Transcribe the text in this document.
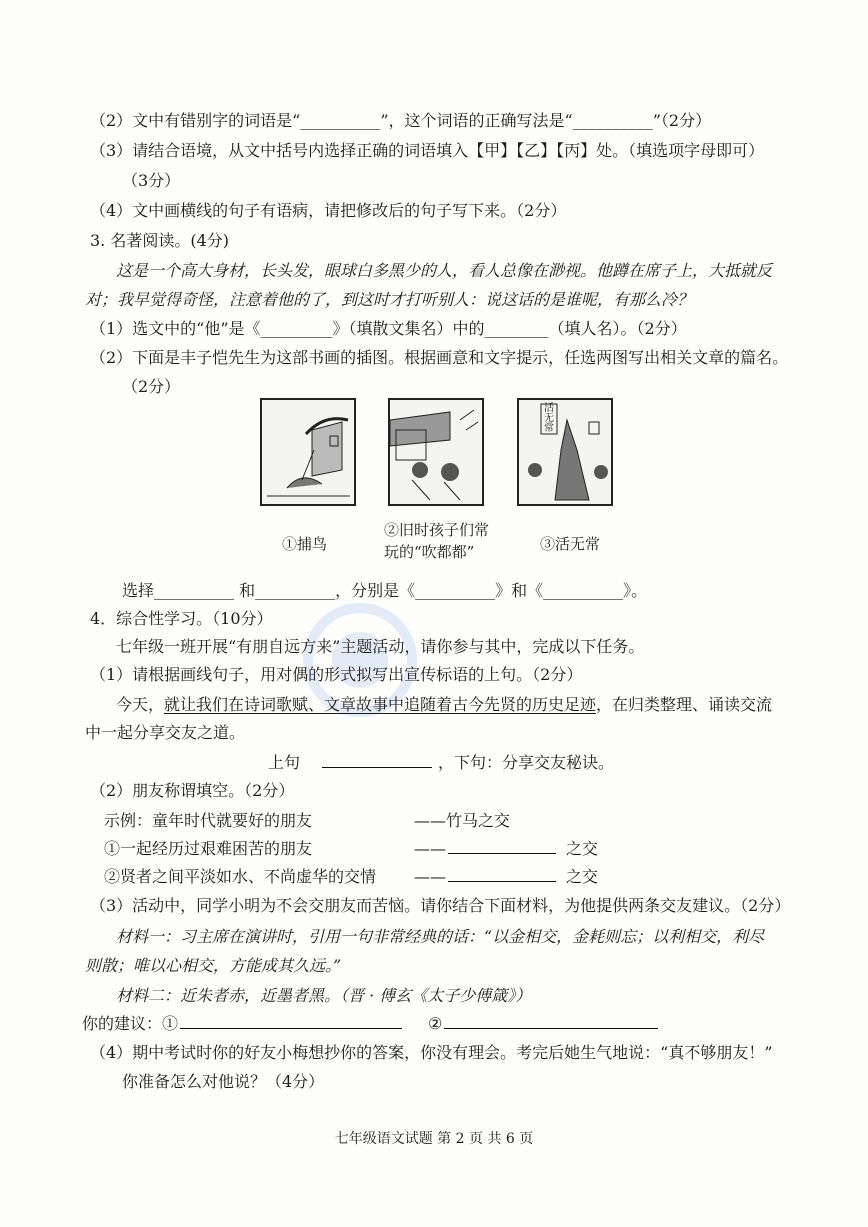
（2）文中有错别字的词语是“__________”，这个词语的正确写法是“__________”（2分）
（3）请结合语境，从文中括号内选择正确的词语填入【甲】【乙】【丙】处。（填选项字母即可）
（3分）
（4）文中画横线的句子有语病，请把修改后的句子写下来。（2分）
3. 名著阅读。(4分)
这是一个高大身材，长头发，眼球白多黑少的人，看人总像在渺视。他蹲在席子上，大抵就反
对；我早觉得奇怪，注意着他的了，到这时才打听别人：说这话的是谁呢，有那么冷？
（1）选文中的“他”是《_________》（填散文集名）中的________（填人名）。（2分）
（2）下面是丰子恺先生为这部书画的插图。根据画意和文字提示，任选两图写出相关文章的篇名。
（2分）
活无常
①捕鸟
②旧时孩子们常
玩的“吹都都”	③活无常
选择__________ 和__________，分别是《__________》和《__________》。
4．综合性学习。（10分）
七年级一班开展“有朋自远方来”主题活动，请你参与其中，完成以下任务。
（1）请根据画线句子，用对偶的形式拟写出宣传标语的上句。（2分）
今天，就让我们在诗词歌赋、文章故事中追随着古今先贤的历史足迹，在归类整理、诵读交流
中一起分享交友之道。
上句	，下句：分享交友秘诀。
（2）朋友称谓填空。（2分）
示例：童年时代就要好的朋友	——竹马之交
①一起经历过艰难困苦的朋友	——	之交
②贤者之间平淡如水、不尚虚华的交情 ——	之交
（3）活动中，同学小明为不会交朋友而苦恼。请你结合下面材料，为他提供两条交友建议。（2分）
材料一：习主席在演讲时，引用一句非常经典的话：“以金相交，金耗则忘；以利相交，利尽
则散；唯以心相交，方能成其久远。”
材料二：近朱者赤，近墨者黑。（晋 · 傅玄《太子少傅箴》）
你的建议：①	②
（4）期中考试时你的好友小梅想抄你的答案，你没有理会。考完后她生气地说：“真不够朋友！”
你准备怎么对他说？（4分）
七年级语文试题 第 2 页 共 6 页
